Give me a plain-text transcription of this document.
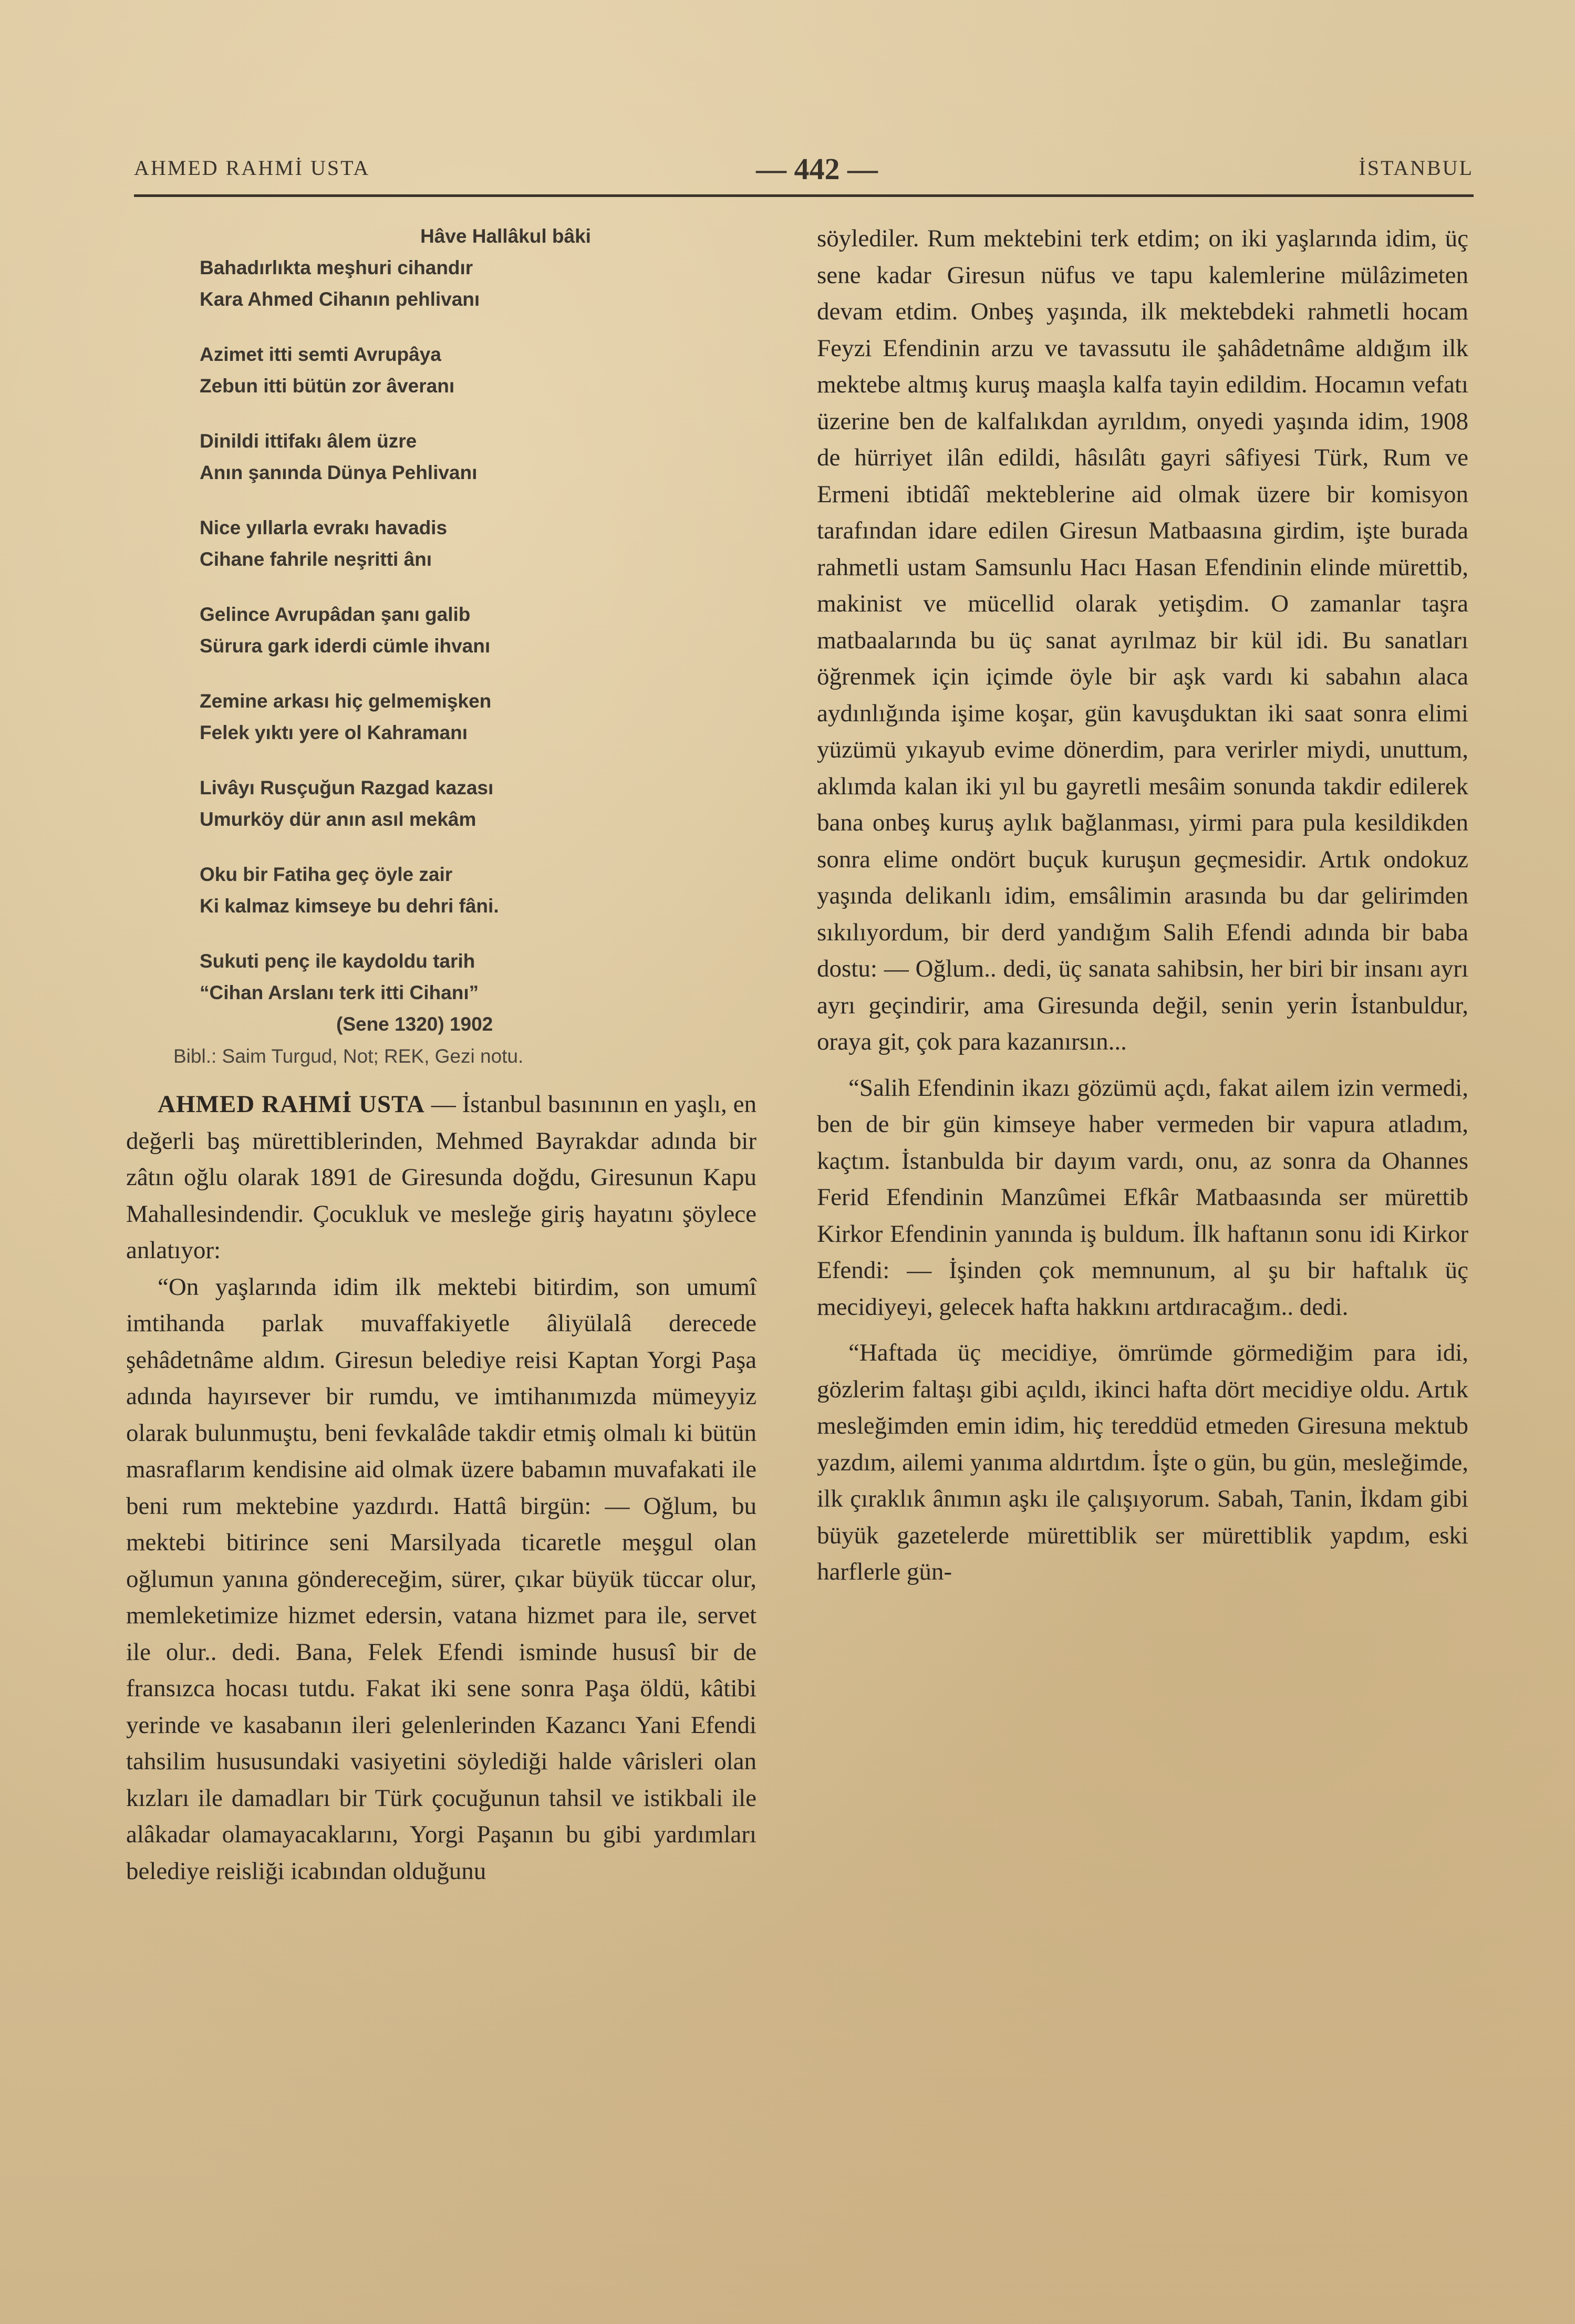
AHMED RAHMİ USTA	— 442 —	İSTANBUL

Hâve Hallâkul bâki

Bahadırlıkta meşhuri cihandır

Kara Ahmed Cihanın pehlivanı

Azimet itti semti Avrupâya

Zebun itti bütün zor âveranı

Dinildi ittifakı âlem üzre

Anın şanında Dünya Pehlivanı

Nice yıllarla evrakı havadis

Cihane fahrile neşritti ânı

Gelince Avrupâdan şanı galib

Sürura gark iderdi cümle ihvanı

Zemine arkası hiç gelmemişken

Felek yıktı yere ol Kahramanı

Livâyı Rusçuğun Razgad kazası

Umurköy dür anın asıl mekâm

Oku bir Fatiha geç öyle zair

Ki kalmaz kimseye bu dehri fâni.

Sukuti penç ile kaydoldu tarih

“Cihan Arslanı terk itti Cihanı”

(Sene 1320) 1902

Bibl.: Saim Turgud, Not; REK, Gezi notu.

AHMED RAHMİ USTA — İstanbul basınının en yaşlı, en değerli baş mürettiblerinden, Mehmed Bayrakdar adında bir zâtın oğlu olarak 1891 de Giresunda doğdu, Giresunun Kapu Mahallesindendir. Çocukluk ve mesleğe giriş hayatını şöylece anlatıyor:

“On yaşlarında idim ilk mektebi bitirdim, son umumî imtihanda parlak muvaffakiyetle âliyülalâ derecede şehâdetnâme aldım. Giresun belediye reisi Kaptan Yorgi Paşa adında hayırsever bir rumdu, ve imtihanımızda mümeyyiz olarak bulunmuştu, beni fevkalâde takdir etmiş olmalı ki bütün masraflarım kendisine aid olmak üzere babamın muvafakati ile beni rum mektebine yazdırdı. Hattâ birgün: — Oğlum, bu mektebi bitirince seni Marsilyada ticaretle meşgul olan oğlumun yanına göndereceğim, sürer, çıkar büyük tüccar olur, memleketimize hizmet edersin, vatana hizmet para ile, servet ile olur.. dedi. Bana, Felek Efendi isminde hususî bir de fransızca hocası tutdu. Fakat iki sene sonra Paşa öldü, kâtibi yerinde ve kasabanın ileri gelenlerinden Kazancı Yani Efendi tahsilim hususundaki vasiyetini söylediği halde vârisleri olan kızları ile damadları bir Türk çocuğunun tahsil ve istikbali ile alâkadar olamayacaklarını, Yorgi Paşanın bu gibi yardımları belediye reisliği icabından olduğunu

söylediler. Rum mektebini terk etdim; on iki yaşlarında idim, üç sene kadar Giresun nüfus ve tapu kalemlerine mülâzimeten devam etdim. Onbeş yaşında, ilk mektebdeki rahmetli hocam Feyzi Efendinin arzu ve tavassutu ile şahâdetnâme aldığım ilk mektebe altmış kuruş maaşla kalfa tayin edildim. Hocamın vefatı üzerine ben de kalfalıkdan ayrıldım, onyedi yaşında idim, 1908 de hürriyet ilân edildi, hâsılâtı gayri sâfiyesi Türk, Rum ve Ermeni ibtidâî mekteblerine aid olmak üzere bir komisyon tarafından idare edilen Giresun Matbaasına girdim, işte burada rahmetli ustam Samsunlu Hacı Hasan Efendinin elinde mürettib, makinist ve mücellid olarak yetişdim. O zamanlar taşra matbaalarında bu üç sanat ayrılmaz bir kül idi. Bu sanatları öğrenmek için içimde öyle bir aşk vardı ki sabahın alaca aydınlığında işime koşar, gün kavuşduktan iki saat sonra elimi yüzümü yıkayub evime dönerdim, para verirler miydi, unuttum, aklımda kalan iki yıl bu gayretli mesâim sonunda takdir edilerek bana onbeş kuruş aylık bağlanması, yirmi para pula kesildikden sonra elime ondört buçuk kuruşun geçmesidir. Artık ondokuz yaşında delikanlı idim, emsâlimin arasında bu dar gelirimden sıkılıyordum, bir derd yandığım Salih Efendi adında bir baba dostu: — Oğlum.. dedi, üç sanata sahibsin, her biri bir insanı ayrı ayrı geçindirir, ama Giresunda değil, senin yerin İstanbuldur, oraya git, çok para kazanırsın...

“Salih Efendinin ikazı gözümü açdı, fakat ailem izin vermedi, ben de bir gün kimseye haber vermeden bir vapura atladım, kaçtım. İstanbulda bir dayım vardı, onu, az sonra da Ohannes Ferid Efendinin Manzûmei Efkâr Matbaasında ser mürettib Kirkor Efendinin yanında iş buldum. İlk haftanın sonu idi Kirkor Efendi: — İşinden çok memnunum, al şu bir haftalık üç mecidiyeyi, gelecek hafta hakkını artdıracağım.. dedi.

“Haftada üç mecidiye, ömrümde görmediğim para idi, gözlerim faltaşı gibi açıldı, ikinci hafta dört mecidiye oldu. Artık mesleğimden emin idim, hiç tereddüd etmeden Giresuna mektub yazdım, ailemi yanıma aldırtdım. İşte o gün, bu gün, mesleğimde, ilk çıraklık ânımın aşkı ile çalışıyorum. Sabah, Tanin, İkdam gibi büyük gazetelerde mürettiblik ser mürettiblik yapdım, eski harflerle gün-
